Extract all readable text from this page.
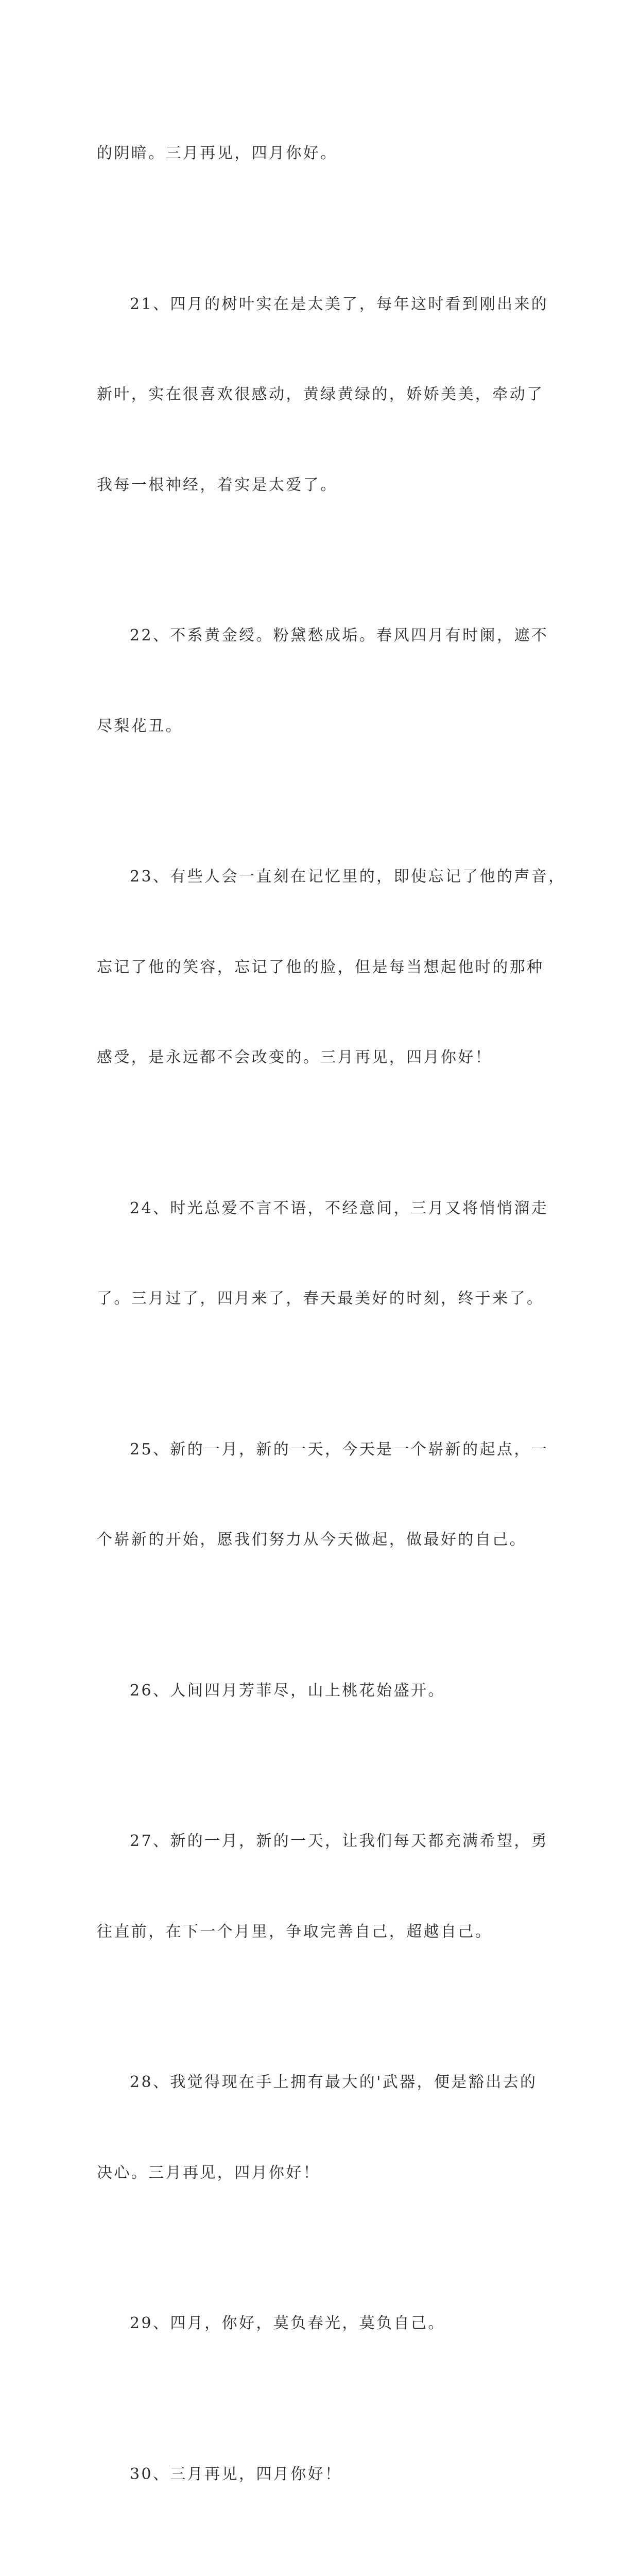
的阴暗。三月再见，四月你好。

21、四月的树叶实在是太美了，每年这时看到刚出来的

新叶，实在很喜欢很感动，黄绿黄绿的，娇娇美美，牵动了

我每一根神经，着实是太爱了。

22、不系黄金绶。粉黛愁成垢。春风四月有时阑，遮不

尽梨花丑。

23、有些人会一直刻在记忆里的，即使忘记了他的声音，

忘记了他的笑容，忘记了他的脸，但是每当想起他时的那种

感受，是永远都不会改变的。三月再见，四月你好！

24、时光总爱不言不语，不经意间，三月又将悄悄溜走

了。三月过了，四月来了，春天最美好的时刻，终于来了。

25、新的一月，新的一天，今天是一个崭新的起点，一

个崭新的开始，愿我们努力从今天做起，做最好的自己。

26、人间四月芳菲尽，山上桃花始盛开。

27、新的一月，新的一天，让我们每天都充满希望，勇

往直前，在下一个月里，争取完善自己，超越自己。

28、我觉得现在手上拥有最大的'武器，便是豁出去的

决心。三月再见，四月你好！

29、四月，你好，莫负春光，莫负自己。

30、三月再见，四月你好！
